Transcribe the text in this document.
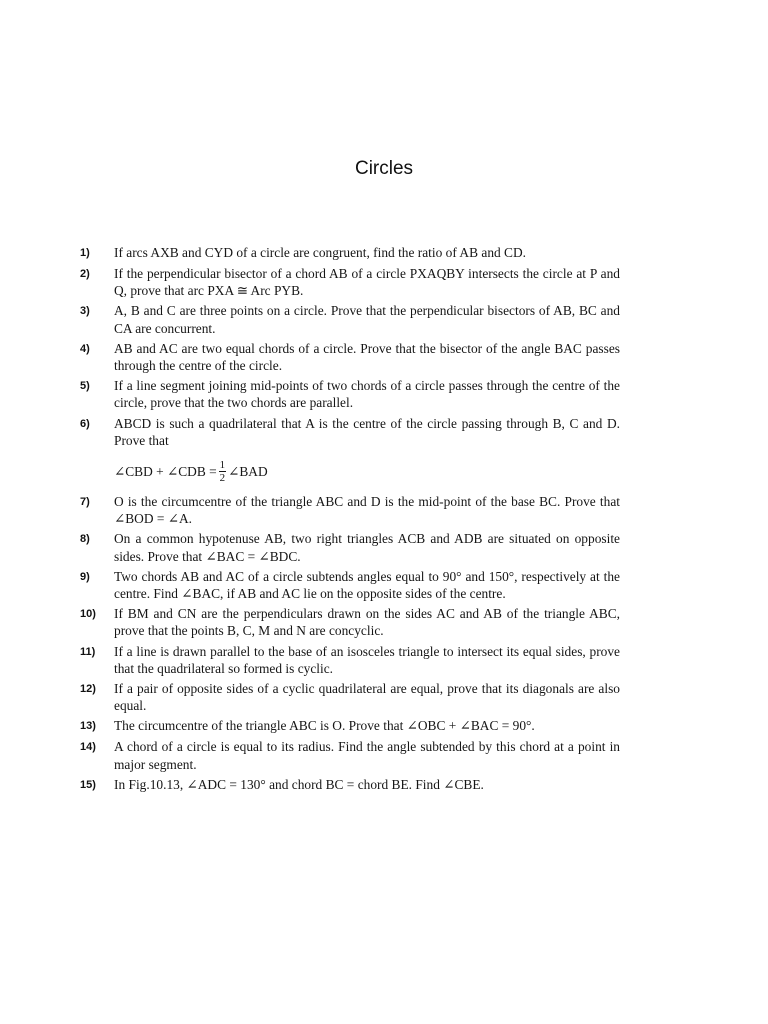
Circles
1)	If arcs AXB and CYD of a circle are congruent, find the ratio of AB and CD.
2)	If the perpendicular bisector of a chord AB of a circle PXAQBY intersects the circle at P and Q, prove that arc PXA ≅ Arc PYB.
3)	A, B and C are three points on a circle. Prove that the perpendicular bisectors of AB, BC and CA are concurrent.
4)	AB and AC are two equal chords of a circle. Prove that the bisector of the angle BAC passes through the centre of the circle.
5)	If a line segment joining mid-points of two chords of a circle passes through the centre of the circle, prove that the two chords are parallel.
6)	ABCD is such a quadrilateral that A is the centre of the circle passing through B, C and D. Prove that
∠CBD + ∠CDB = $\frac{1}{2}$ ∠BAD
7)	O is the circumcentre of the triangle ABC and D is the mid-point of the base BC. Prove that ∠BOD = ∠A.
8)	On a common hypotenuse AB, two right triangles ACB and ADB are situated on opposite sides. Prove that ∠BAC = ∠BDC.
9)	Two chords AB and AC of a circle subtends angles equal to 90° and 150°, respectively at the centre. Find ∠BAC, if AB and AC lie on the opposite sides of the centre.
10)	If BM and CN are the perpendiculars drawn on the sides AC and AB of the triangle ABC, prove that the points B, C, M and N are concyclic.
11)	If a line is drawn parallel to the base of an isosceles triangle to intersect its equal sides, prove that the quadrilateral so formed is cyclic.
12)	If a pair of opposite sides of a cyclic quadrilateral are equal, prove that its diagonals are also equal.
13)	The circumcentre of the triangle ABC is O. Prove that ∠OBC + ∠BAC = 90°.
14)	A chord of a circle is equal to its radius. Find the angle subtended by this chord at a point in major segment.
15)	In Fig.10.13, ∠ADC = 130° and chord BC = chord BE. Find ∠CBE.
